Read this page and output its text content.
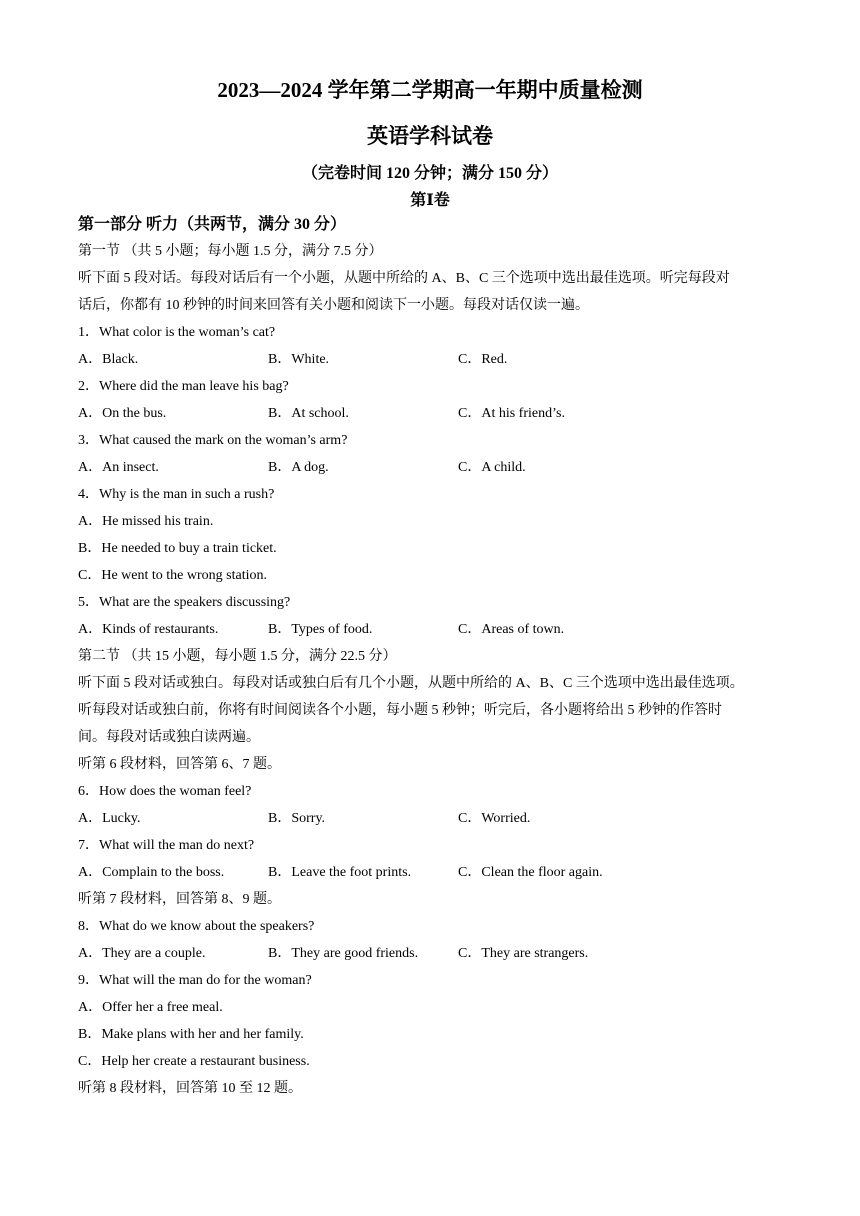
2023—2024 学年第二学期高一年期中质量检测
英语学科试卷
（完卷时间 120 分钟；满分 150 分）
第Ⅰ卷
第一部分 听力（共两节，满分 30 分）
第一节 （共 5 小题；每小题 1.5 分，满分 7.5 分）
听下面 5 段对话。每段对话后有一个小题，从题中所给的 A、B、C 三个选项中选出最佳选项。听完每段对
话后，你都有 10 秒钟的时间来回答有关小题和阅读下一小题。每段对话仅读一遍。
1．What color is the woman’s cat?
A．Black.	B．White.	C．Red.
2．Where did the man leave his bag?
A．On the bus.	B．At school.	C．At his friend’s.
3．What caused the mark on the woman’s arm?
A．An insect.	B．A dog.	C．A child.
4．Why is the man in such a rush?
A．He missed his train.
B．He needed to buy a train ticket.
C．He went to the wrong station.
5．What are the speakers discussing?
A．Kinds of restaurants.	B．Types of food.	C．Areas of town.
第二节 （共 15 小题，每小题 1.5 分，满分 22.5 分）
听下面 5 段对话或独白。每段对话或独白后有几个小题，从题中所给的 A、B、C 三个选项中选出最佳选项。
听每段对话或独白前，你将有时间阅读各个小题，每小题 5 秒钟；听完后，各小题将给出 5 秒钟的作答时
间。每段对话或独白读两遍。
听第 6 段材料，回答第 6、7 题。
6．How does the woman feel?
A．Lucky.	B．Sorry.	C．Worried.
7．What will the man do next?
A．Complain to the boss.	B．Leave the foot prints.	C．Clean the floor again.
听第 7 段材料，回答第 8、9 题。
8．What do we know about the speakers?
A．They are a couple.	B．They are good friends.	C．They are strangers.
9．What will the man do for the woman?
A．Offer her a free meal.
B．Make plans with her and her family.
C．Help her create a restaurant business.
听第 8 段材料，回答第 10 至 12 题。
